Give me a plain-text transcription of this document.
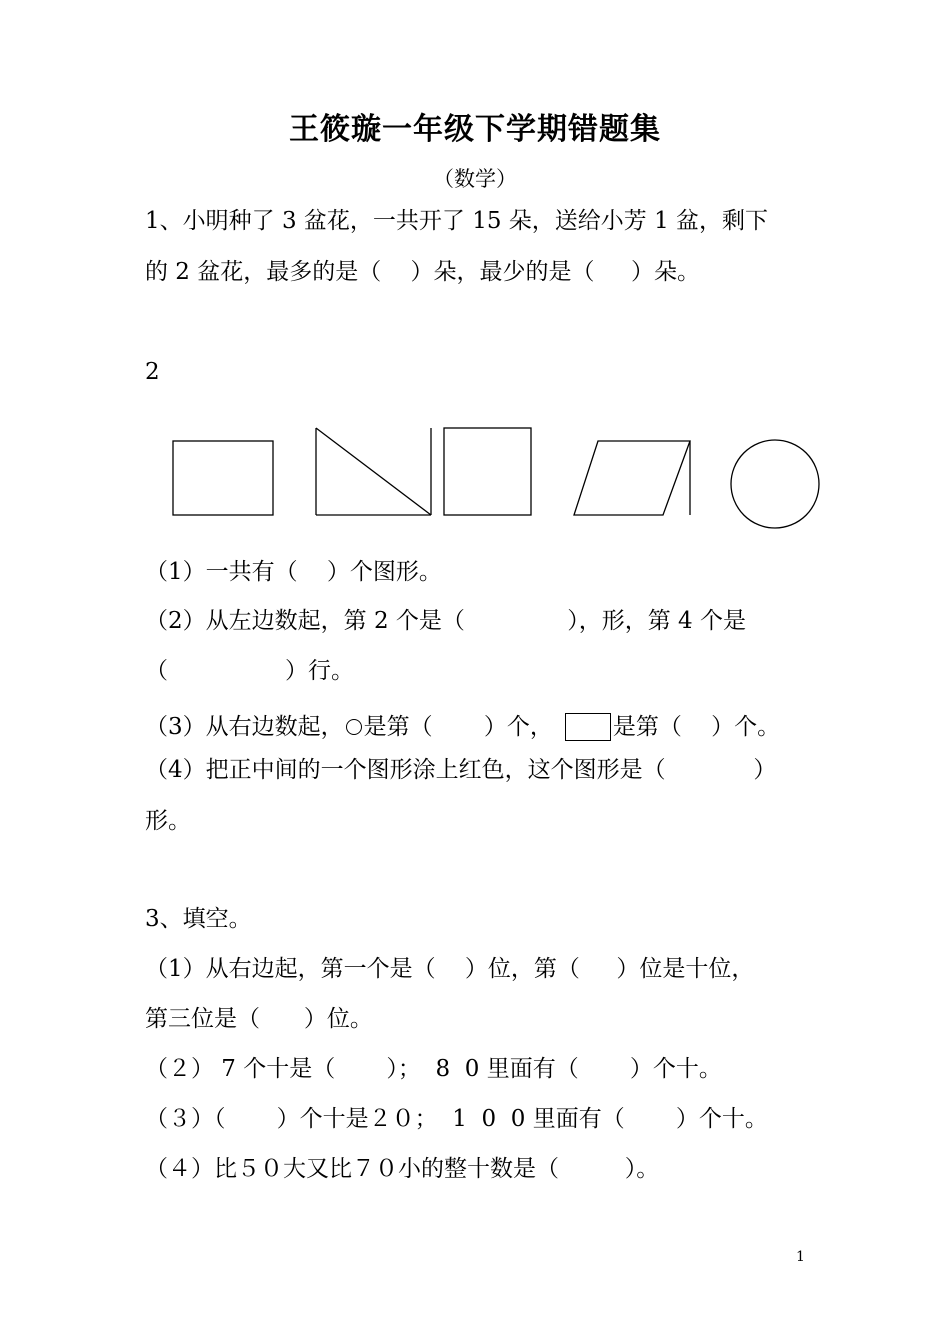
王筱璇一年级下学期错题集
（数学）
1、小明种了 3 盆花，一共开了 15 朵，送给小芳 1 盆，剩下
的 2 盆花，最多的是（    ）朵，最少的是（     ）朵。
2
（1）一共有（    ）个图形。
（2）从左边数起，第 2 个是（              ），形，第 4 个是
（                ）行。
（3）从右边数起， 是第（       ）个，	是第（    ）个。
（4）把正中间的一个图形涂上红色，这个图形是（            ）
形。
3、填空。
（1）从右边起，第一个是（    ）位，第（     ）位是十位，
第三位是（      ）位。
（２） 7 个十是（       ）；  8  0 里面有（       ）个十。
（３）（       ）个十是２０；  1  0  0 里面有（       ）个十。
（４）比５０大又比７０小的整十数是（         ）。
1
